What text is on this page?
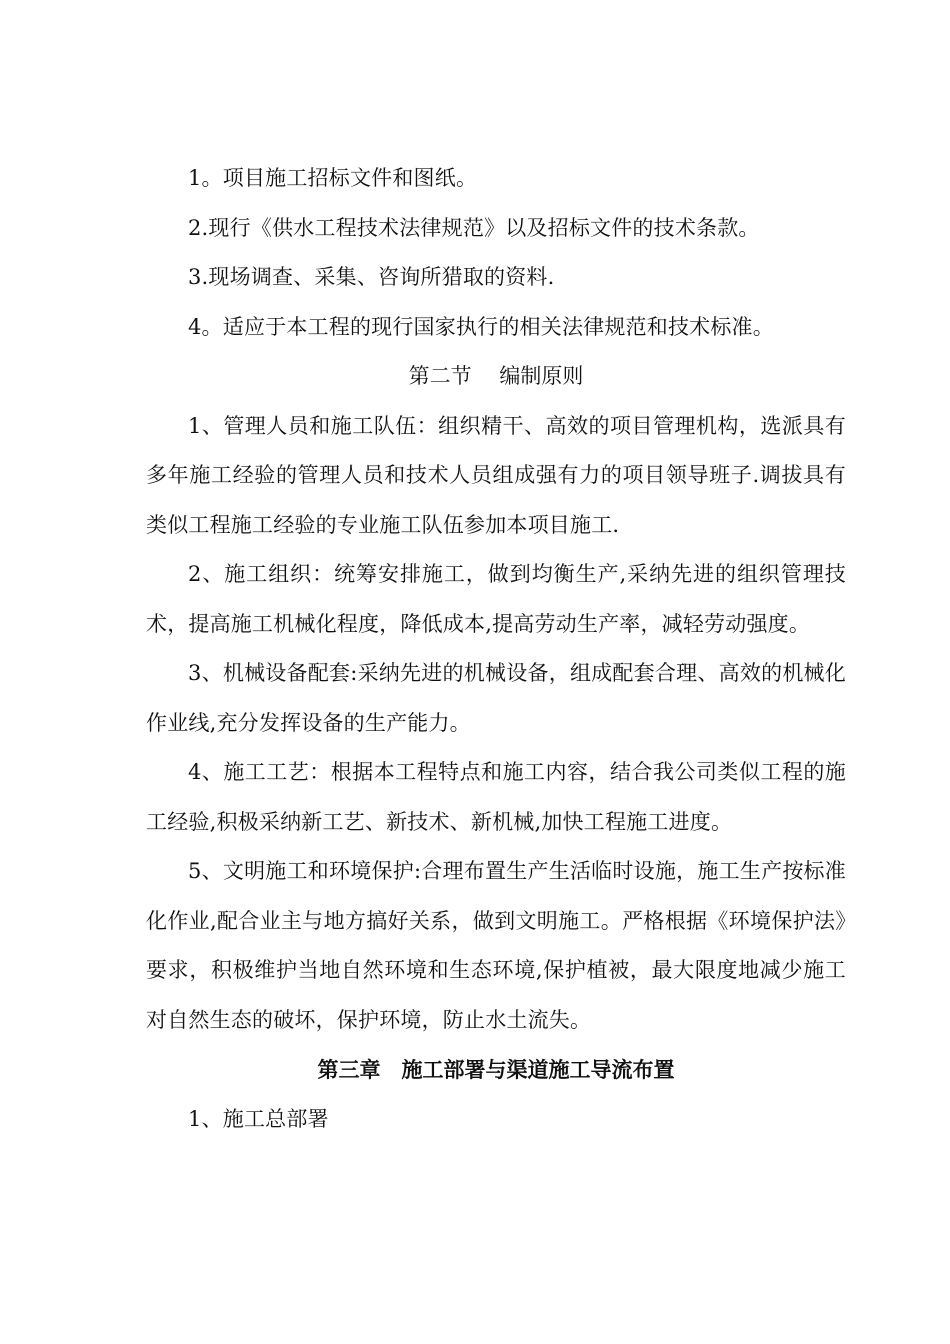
1。项目施工招标文件和图纸。

2.现行《供水工程技术法律规范》以及招标文件的技术条款。

3.现场调查、采集、咨询所猎取的资料.

4。适应于本工程的现行国家执行的相关法律规范和技术标准。

第二节　 编制原则

1、管理人员和施工队伍：组织精干、高效的项目管理机构，选派具有多年施工经验的管理人员和技术人员组成强有力的项目领导班子.调拔具有类似工程施工经验的专业施工队伍参加本项目施工.

2、施工组织：统筹安排施工，做到均衡生产,采纳先进的组织管理技术，提高施工机械化程度，降低成本,提高劳动生产率，减轻劳动强度。

3、机械设备配套:采纳先进的机械设备，组成配套合理、高效的机械化作业线,充分发挥设备的生产能力。

4、施工工艺：根据本工程特点和施工内容，结合我公司类似工程的施工经验,积极采纳新工艺、新技术、新机械,加快工程施工进度。

5、文明施工和环境保护:合理布置生产生活临时设施，施工生产按标准化作业,配合业主与地方搞好关系，做到文明施工。严格根据《环境保护法》要求，积极维护当地自然环境和生态环境,保护植被，最大限度地减少施工对自然生态的破坏，保护环境，防止水土流失。

第三章　施工部署与渠道施工导流布置

1、施工总部署
